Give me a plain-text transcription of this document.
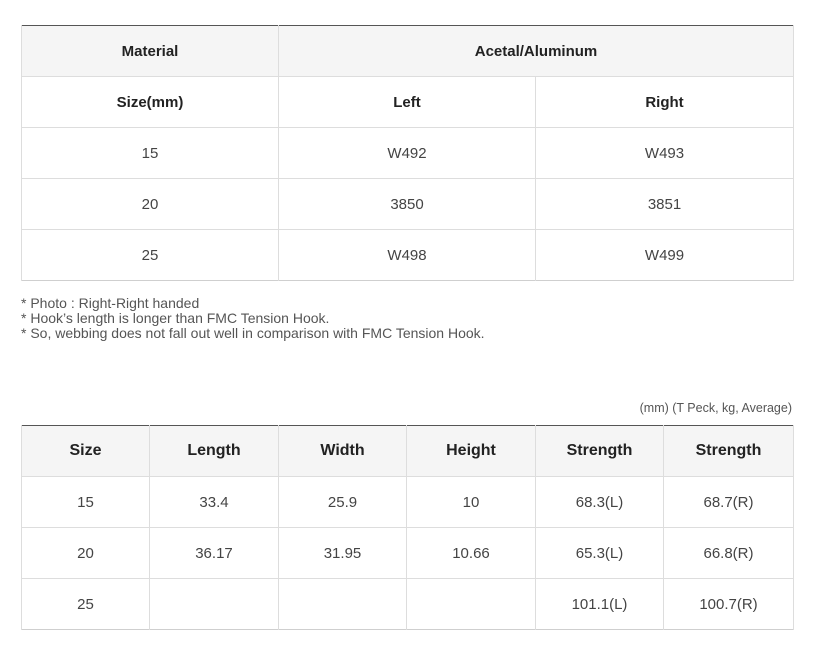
Material	Acetal/Aluminum	
Size(mm)	Left	Right
15	W492	W493
20	3850	3851
25	W498	W499
* Photo : Right-Right handed
* Hook’s length is longer than FMC Tension Hook.
* So, webbing does not fall out well in comparison with FMC Tension Hook.
(mm) (T Peck, kg, Average)
Size	Length	Width	Height	Strength	Strength
15	33.4	25.9	10	68.3(L)	68.7(R)
20	36.17	31.95	10.66	65.3(L)	66.8(R)
25				101.1(L)	100.7(R)
